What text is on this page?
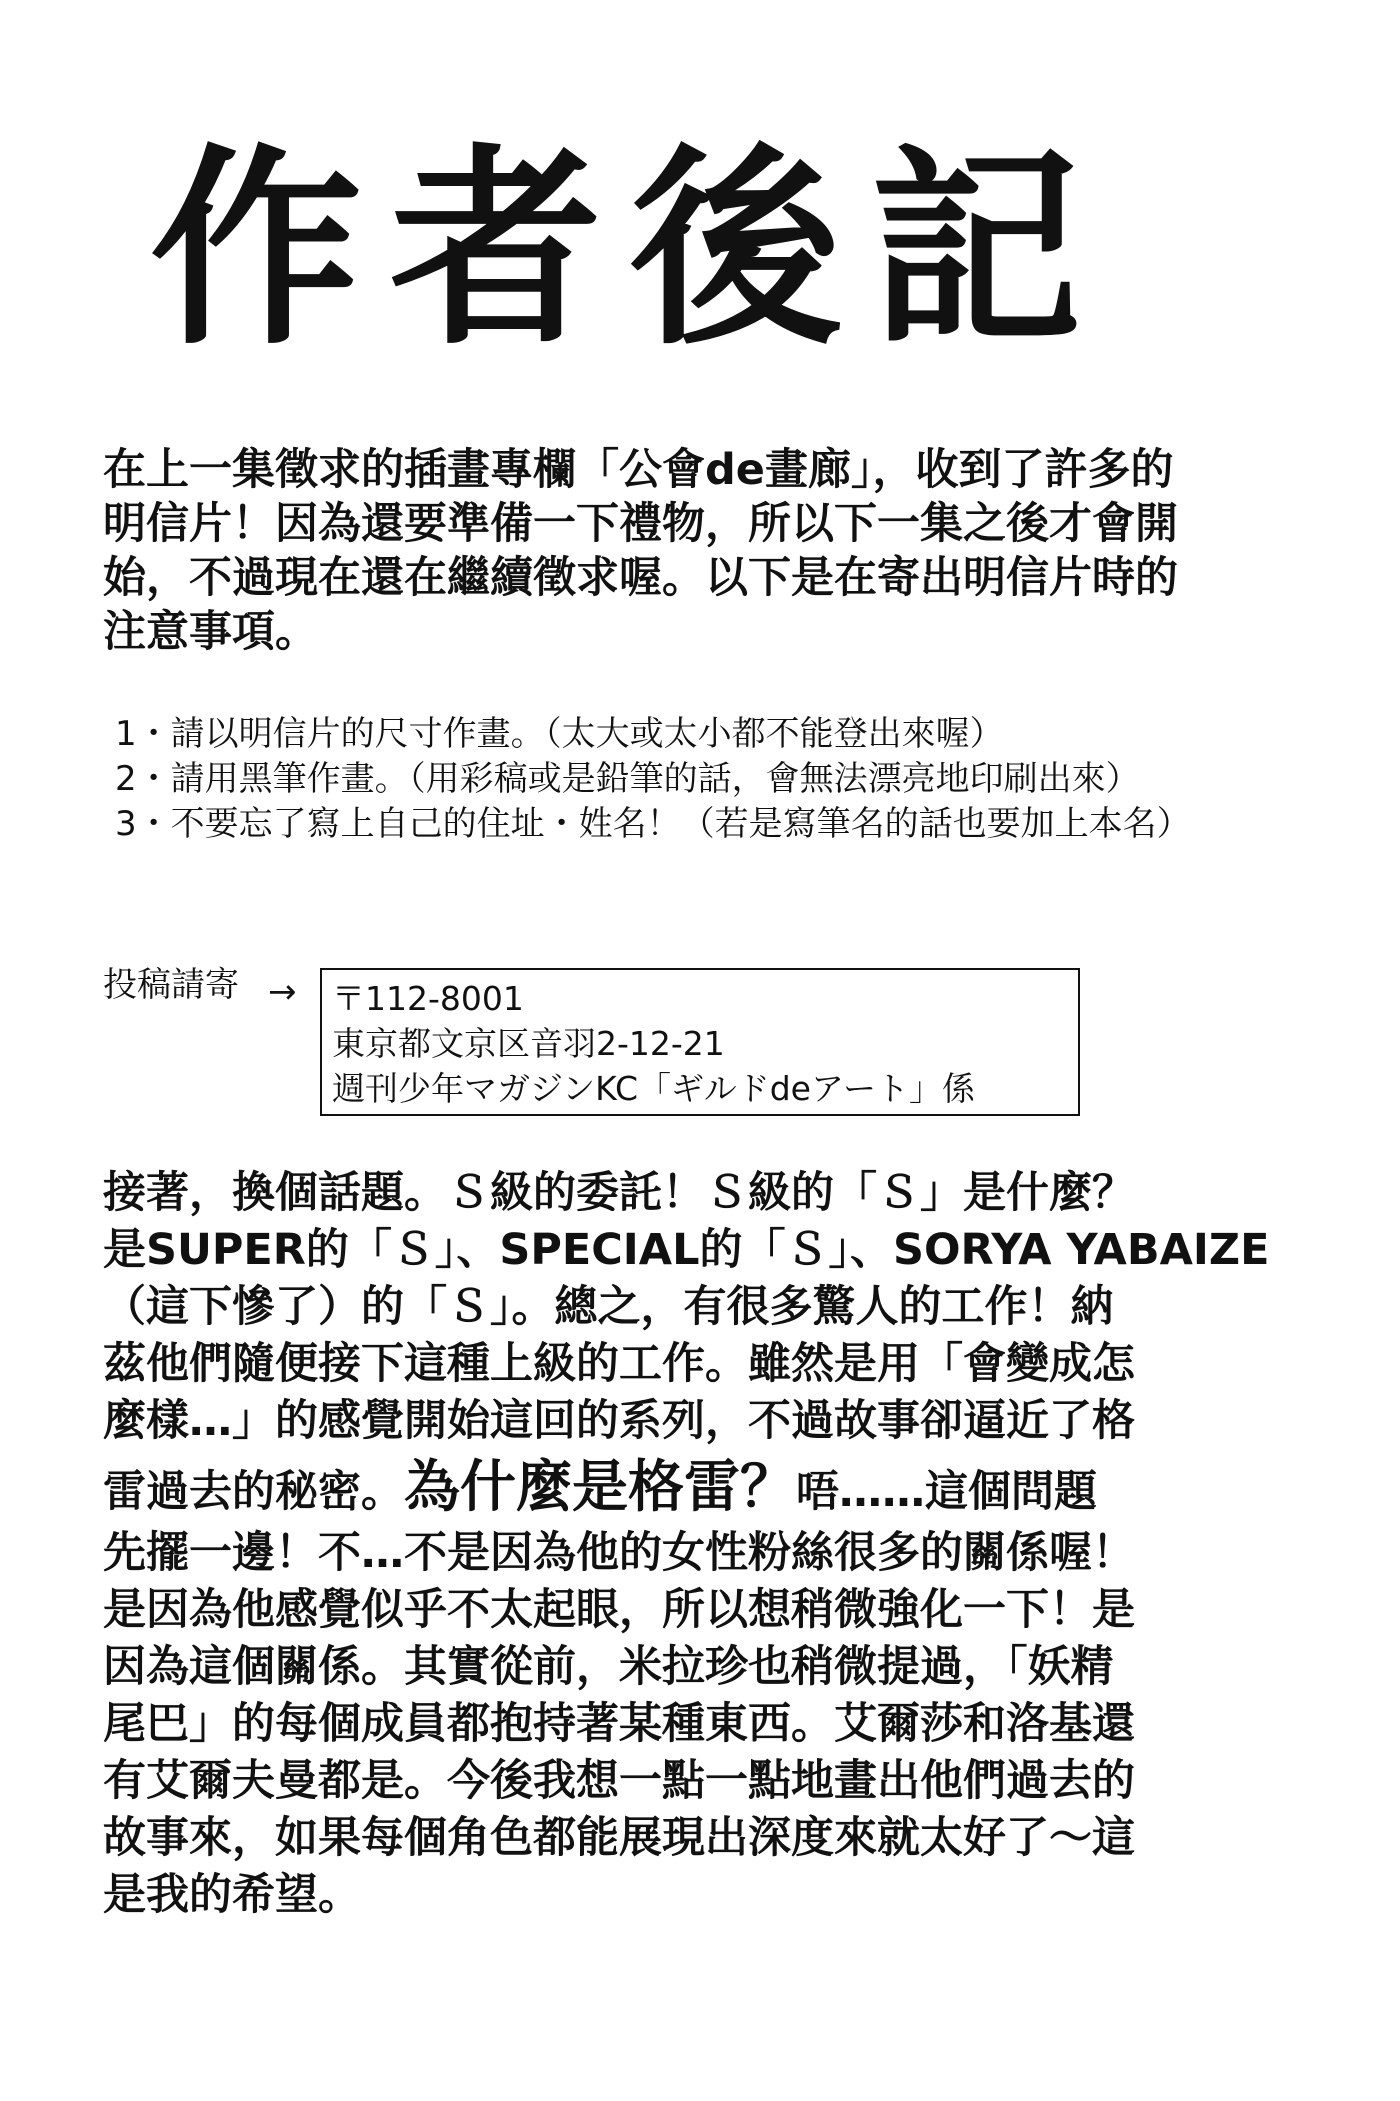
作者後記
在上一集徵求的插畫專欄「公會de畫廊」，收到了許多的
明信片！因為還要準備一下禮物，所以下一集之後才會開
始，不過現在還在繼續徵求喔。以下是在寄出明信片時的
注意事項。
1・請以明信片的尺寸作畫。（太大或太小都不能登出來喔）
2・請用黑筆作畫。（用彩稿或是鉛筆的話，會無法漂亮地印刷出來）
3・不要忘了寫上自己的住址・姓名！（若是寫筆名的話也要加上本名）
投稿請寄 → 〒112-8001
東京都文京区音羽2-12-21
週刊少年マガジンKC「ギルドdeアート」係
接著，換個話題。Ｓ級的委託！Ｓ級的「Ｓ」是什麼？
是SUPER的「Ｓ」、SPECIAL的「Ｓ」、SORYA YABAIZE
（這下慘了）的「Ｓ」。總之，有很多驚人的工作！納
茲他們隨便接下這種上級的工作。雖然是用「會變成怎
麼樣…」的感覺開始這回的系列，不過故事卻逼近了格
雷過去的秘密。為什麼是格雷？唔……這個問題
先擺一邊！不…不是因為他的女性粉絲很多的關係喔！
是因為他感覺似乎不太起眼，所以想稍微強化一下！是
因為這個關係。其實從前，米拉珍也稍微提過，「妖精
尾巴」的每個成員都抱持著某種東西。艾爾莎和洛基還
有艾爾夫曼都是。今後我想一點一點地畫出他們過去的
故事來，如果每個角色都能展現出深度來就太好了～這
是我的希望。
